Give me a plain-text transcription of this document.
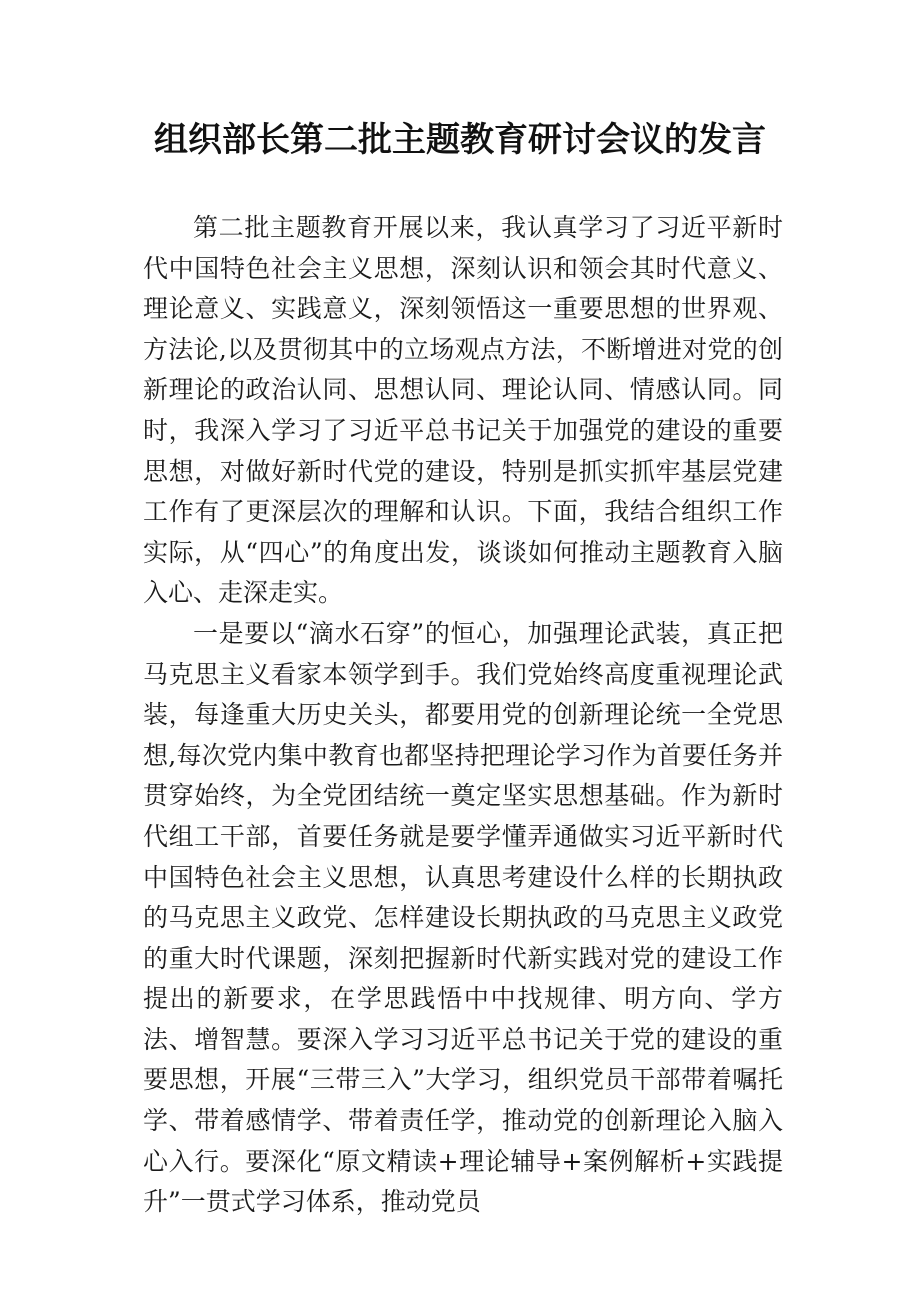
组织部长第二批主题教育研讨会议的发言

第二批主题教育开展以来，我认真学习了习近平新时代中国特色社会主义思想，深刻认识和领会其时代意义、理论意义、实践意义，深刻领悟这一重要思想的世界观、方法论,以及贯彻其中的立场观点方法，不断增进对党的创新理论的政治认同、思想认同、理论认同、情感认同。同时，我深入学习了习近平总书记关于加强党的建设的重要思想，对做好新时代党的建设，特别是抓实抓牢基层党建工作有了更深层次的理解和认识。下面，我结合组织工作实际，从“四心”的角度出发，谈谈如何推动主题教育入脑入心、走深走实。

一是要以“滴水石穿”的恒心，加强理论武装，真正把马克思主义看家本领学到手。我们党始终高度重视理论武装，每逢重大历史关头，都要用党的创新理论统一全党思想,每次党内集中教育也都坚持把理论学习作为首要任务并贯穿始终，为全党团结统一奠定坚实思想基础。作为新时代组工干部，首要任务就是要学懂弄通做实习近平新时代中国特色社会主义思想，认真思考建设什么样的长期执政的马克思主义政党、怎样建设长期执政的马克思主义政党的重大时代课题，深刻把握新时代新实践对党的建设工作提出的新要求，在学思践悟中中找规律、明方向、学方法、增智慧。要深入学习习近平总书记关于党的建设的重要思想，开展“三带三入”大学习，组织党员干部带着嘱托学、带着感情学、带着责任学，推动党的创新理论入脑入心入行。要深化“原文精读+理论辅导+案例解析+实践提升”一贯式学习体系，推动党员
